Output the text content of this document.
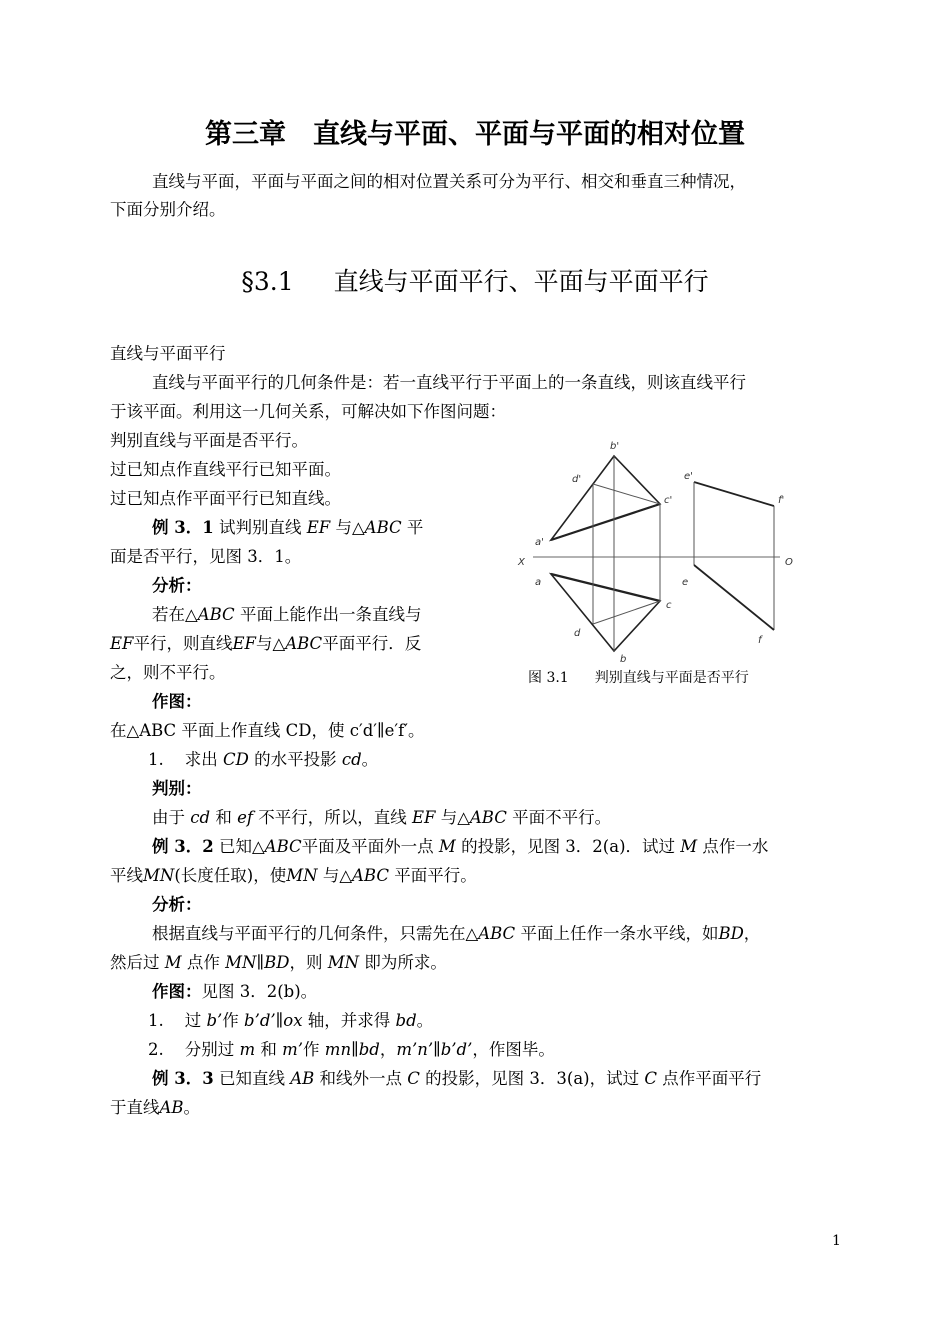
第三章　直线与平面、平面与平面的相对位置
直线与平面，平面与平面之间的相对位置关系可分为平行、相交和垂直三种情况，
下面分别介绍。
§3.1 直线与平面平行、平面与平面平行
直线与平面平行
直线与平面平行的几何条件是：若一直线平行于平面上的一条直线，则该直线平行
于该平面。利用这一几何关系，可解决如下作图问题：
判别直线与平面是否平行。
过已知点作直线平行已知平面。
过已知点作平面平行已知直线。
例 3．1 试判别直线 EF 与△ABC 平
面是否平行，见图 3．1。
分析：
若在△ABC 平面上能作出一条直线与
EF平行，则直线EF与△ABC平面平行．反
之，则不平行。
作图：
在△ABC 平面上作直线 CD，使 c′d′∥e′f′。
1. 求出 CD 的水平投影 cd。
判别：
由于 cd 和 ef 不平行，所以，直线 EF 与△ABC 平面不平行。
例 3．2 已知△ABC平面及平面外一点 M 的投影，见图 3．2(a)．试过 M 点作一水
平线MN(长度任取)，使MN 与△ABC 平面平行。
分析：
根据直线与平面平行的几何条件，只需先在△ABC 平面上任作一条水平线，如BD，
然后过 M 点作 MN∥BD，则 MN 即为所求。
作图：见图 3．2(b)。
1. 过 b’作 b’d’∥ox 轴，并求得 bd。
2. 分别过 m 和 m’作 mn∥bd，m’n’∥b’d’，作图毕。
例 3．3 已知直线 AB 和线外一点 C 的投影，见图 3．3(a)，试过 C 点作平面平行
于直线AB。
b'
d'
c'
a'
e'
f'
X	O
a	e
c
d
b
f
图 3.1 判别直线与平面是否平行
1
